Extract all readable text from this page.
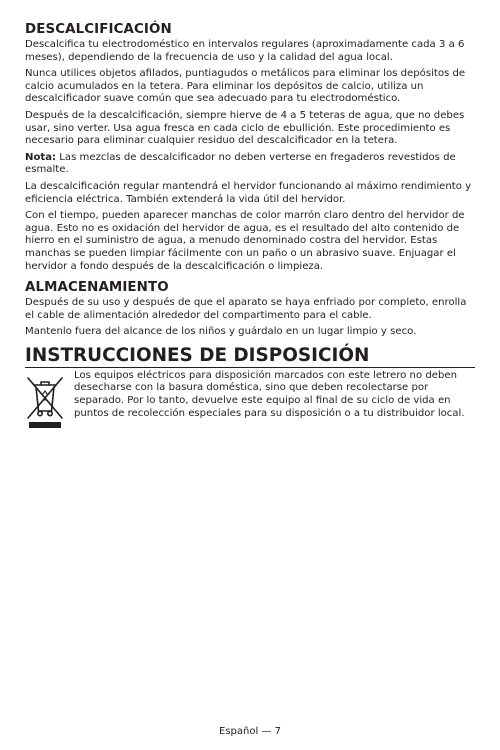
DESCALCIFICACIÓN

Descalcifica tu electrodoméstico en intervalos regulares (aproximadamente cada 3 a 6 meses), dependiendo de la frecuencia de uso y la calidad del agua local.

Nunca utilices objetos afilados, puntiagudos o metálicos para eliminar los depósitos de calcio acumulados en la tetera. Para eliminar los depósitos de calcio, utiliza un descalcificador suave común que sea adecuado para tu electrodoméstico.

Después de la descalcificación, siempre hierve de 4 a 5 teteras de agua, que no debes usar, sino verter. Usa agua fresca en cada ciclo de ebullición. Este procedimiento es necesario para eliminar cualquier residuo del descalcificador en la tetera.

Nota: Las mezclas de descalcificador no deben verterse en fregaderos revestidos de esmalte.

La descalcificación regular mantendrá el hervidor funcionando al máximo rendimiento y eficiencia eléctrica. También extenderá la vida útil del hervidor.

Con el tiempo, pueden aparecer manchas de color marrón claro dentro del hervidor de agua. Esto no es oxidación del hervidor de agua, es el resultado del alto contenido de hierro en el suministro de agua, a menudo denominado costra del hervidor. Estas manchas se pueden limpiar fácilmente con un paño o un abrasivo suave. Enjuagar el hervidor a fondo después de la descalcificación o limpieza.

ALMACENAMIENTO

Después de su uso y después de que el aparato se haya enfriado por completo, enrolla el cable de alimentación alrededor del compartimento para el cable.

Mantenlo fuera del alcance de los niños y guárdalo en un lugar limpio y seco.

INSTRUCCIONES DE DISPOSICIÓN

Los equipos eléctricos para disposición marcados con este letrero no deben desecharse con la basura doméstica, sino que deben recolectarse por separado. Por lo tanto, devuelve este equipo al final de su ciclo de vida en puntos de recolección especiales para su disposición o a tu distribuidor local.

Español — 7
